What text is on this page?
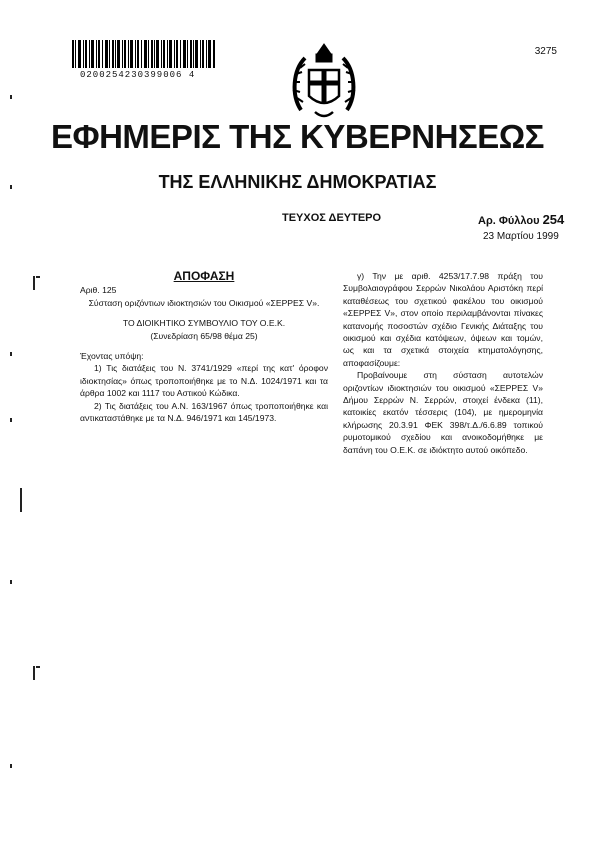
0200254230399006 4
3275
ΕΦΗΜΕΡΙΣ ΤΗΣ ΚΥΒΕΡΝΗΣΕΩΣ
ΤΗΣ ΕΛΛΗΝΙΚΗΣ ΔΗΜΟΚΡΑΤΙΑΣ
ΤΕΥΧΟΣ ΔΕΥΤΕΡΟ	Αρ. Φύλλου 254
23 Μαρτίου 1999
ΑΠΟΦΑΣΗ

Αριθ. 125

Σύσταση οριζόντιων ιδιοκτησιών του Οικισμού «ΣΕΡΡΕΣ V».

ΤΟ ΔΙΟΙΚΗΤΙΚΟ ΣΥΜΒΟΥΛΙΟ ΤΟΥ Ο.Ε.Κ.

(Συνεδρίαση 65/98 θέμα 25)

Έχοντας υπόψη:

1) Τις διατάξεις του Ν. 3741/1929 «περί της κατ' όροφον ιδιοκτησίας» όπως τροποποιήθηκε με το Ν.Δ. 1024/1971 και τα άρθρα 1002 και 1117 του Αστικού Κώδικα.

2) Τις διατάξεις του Α.Ν. 163/1967 όπως τροποποιήθηκε και αντικαταστάθηκε με τα Ν.Δ. 946/1971 και 145/1973.

γ) Την με αριθ. 4253/17.7.98 πράξη του Συμβολαιογράφου Σερρών Νικολάου Αριστόκη περί καταθέσεως του σχετικού φακέλου του οικισμού «ΣΕΡΡΕΣ V», στον οποίο περιλαμβάνονται πίνακες κατανομής ποσοστών σχέδιο Γενικής Διάταξης του οικισμού και σχέδια κατόψεων, όψεων και τομών, ως και τα σχετικά στοιχεία κτηματολόγησης, αποφασίζουμε:

Προβαίνουμε στη σύσταση αυτοτελών οριζοντίων ιδιοκτησιών του οικισμού «ΣΕΡΡΕΣ V» Δήμου Σερρών Ν. Σερρών, στοιχεί ένδεκα (11), κατοικίες εκατόν τέσσερις (104), με ημερομηνία κλήρωσης 20.3.91 ΦΕΚ 398/τ.Δ./6.6.89 τοπικού ρυμοτομικού σχεδίου και ανοικοδομήθηκε με δαπάνη του Ο.Ε.Κ. σε ιδιόκτητο αυτού οικόπεδο.
